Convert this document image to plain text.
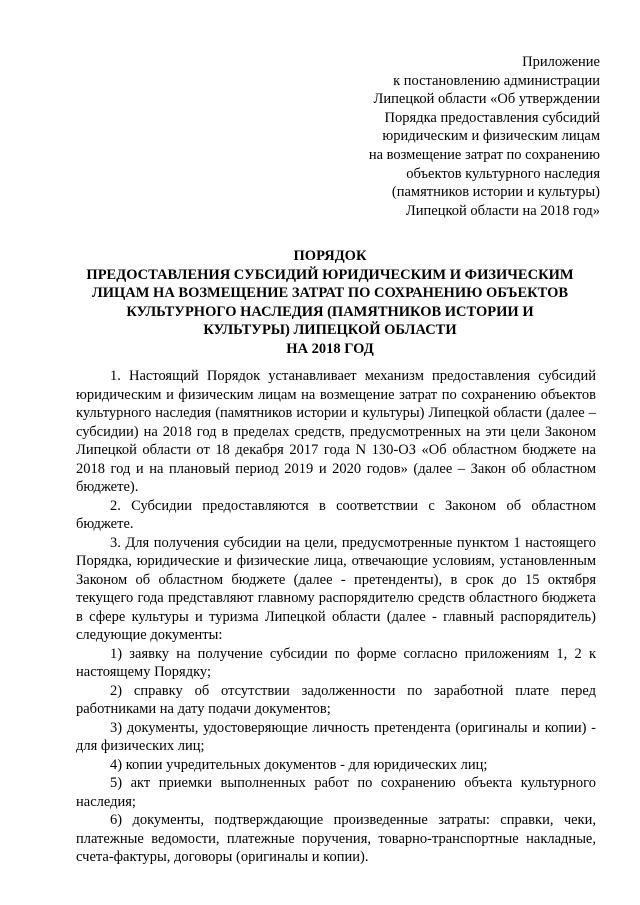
Приложение
к постановлению администрации
Липецкой области «Об утверждении
Порядка предоставления субсидий
юридическим и физическим лицам
на возмещение затрат по сохранению
объектов культурного наследия
(памятников истории и культуры)
Липецкой области на 2018 год»
ПОРЯДОК
ПРЕДОСТАВЛЕНИЯ СУБСИДИЙ ЮРИДИЧЕСКИМ И ФИЗИЧЕСКИМ
ЛИЦАМ НА ВОЗМЕЩЕНИЕ ЗАТРАТ ПО СОХРАНЕНИЮ ОБЪЕКТОВ
КУЛЬТУРНОГО НАСЛЕДИЯ (ПАМЯТНИКОВ ИСТОРИИ И
КУЛЬТУРЫ) ЛИПЕЦКОЙ ОБЛАСТИ
НА 2018 ГОД

1. Настоящий Порядок устанавливает механизм предоставления субсидий юридическим и физическим лицам на возмещение затрат по сохранению объектов культурного наследия (памятников истории и культуры) Липецкой области (далее – субсидии) на 2018 год в пределах средств, предусмотренных на эти цели Законом Липецкой области от 18 декабря 2017 года N 130-ОЗ «Об областном бюджете на 2018 год и на плановый период 2019 и 2020 годов» (далее – Закон об областном бюджете).

2. Субсидии предоставляются в соответствии с Законом об областном бюджете.

3. Для получения субсидии на цели, предусмотренные пунктом 1 настоящего Порядка, юридические и физические лица, отвечающие условиям, установленным Законом об областном бюджете (далее - претенденты), в срок до 15 октября текущего года представляют главному распорядителю средств областного бюджета в сфере культуры и туризма Липецкой области (далее - главный распорядитель) следующие документы:

1) заявку на получение субсидии по форме согласно приложениям 1, 2 к настоящему Порядку;

2) справку об отсутствии задолженности по заработной плате перед работниками на дату подачи документов;

3) документы, удостоверяющие личность претендента (оригиналы и копии) - для физических лиц;

4) копии учредительных документов - для юридических лиц;

5) акт приемки выполненных работ по сохранению объекта культурного наследия;

6) документы, подтверждающие произведенные затраты: справки, чеки, платежные ведомости, платежные поручения, товарно-транспортные накладные, счета-фактуры, договоры (оригиналы и копии).
